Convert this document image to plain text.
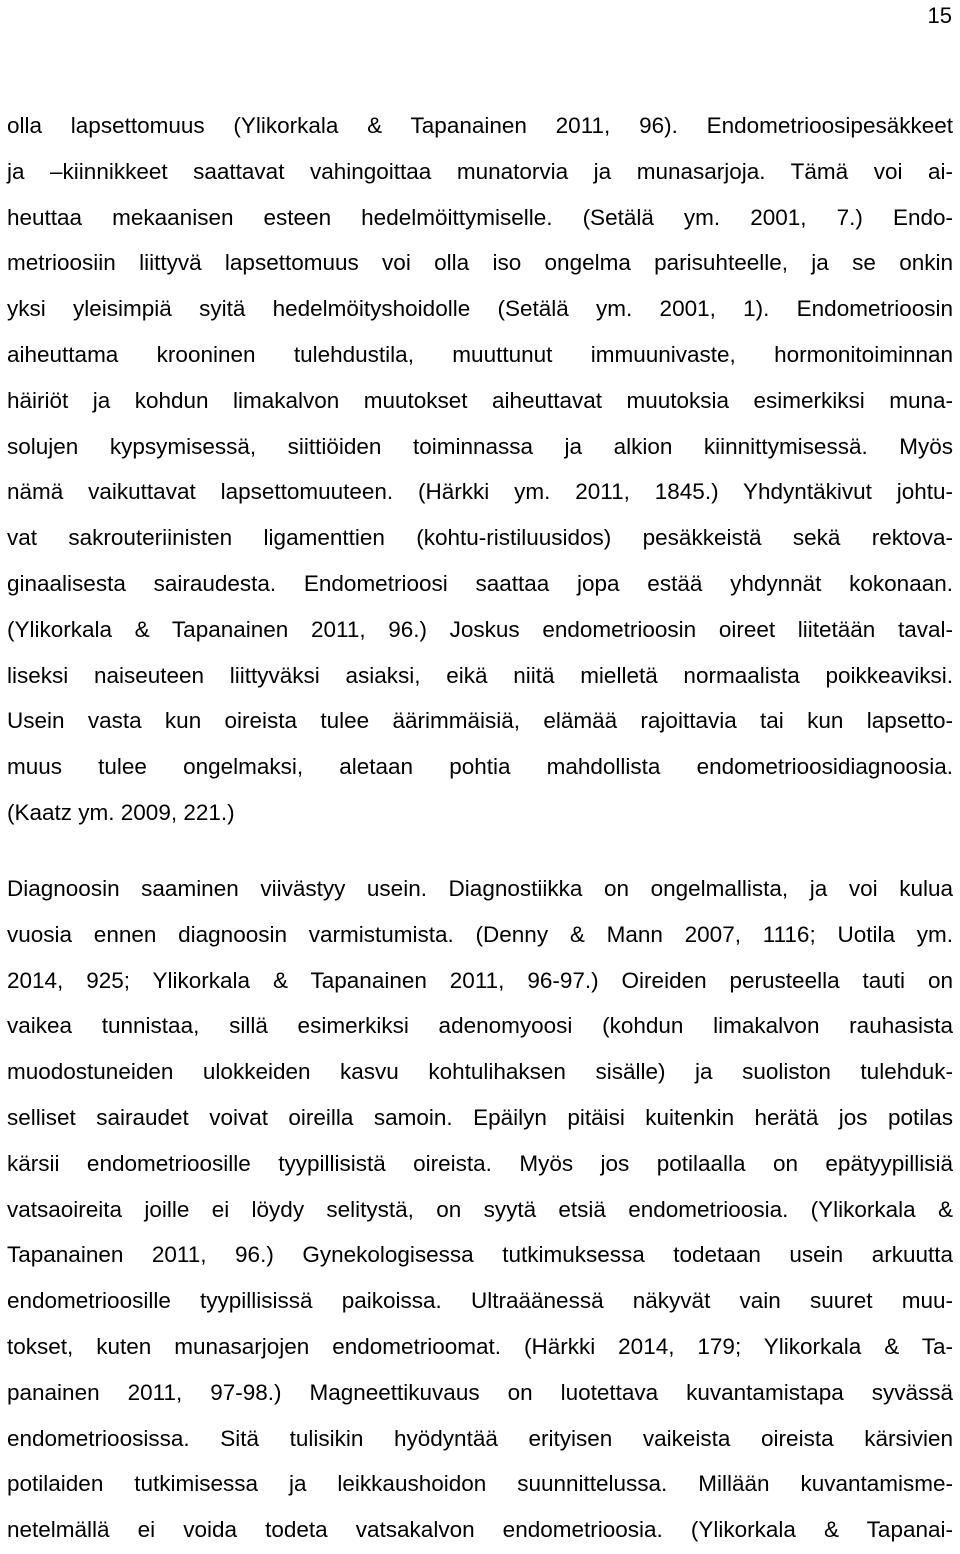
15
olla lapsettomuus (Ylikorkala & Tapanainen 2011, 96). Endometrioosipesäkkeet
ja –kiinnikkeet saattavat vahingoittaa munatorvia ja munasarjoja. Tämä voi ai-
heuttaa mekaanisen esteen hedelmöittymiselle. (Setälä ym. 2001, 7.) Endo-
metrioosiin liittyvä lapsettomuus voi olla iso ongelma parisuhteelle, ja se onkin
yksi yleisimpiä syitä hedelmöityshoidolle (Setälä ym. 2001, 1). Endometrioosin
aiheuttama krooninen tulehdustila, muuttunut immuunivaste, hormonitoiminnan
häiriöt ja kohdun limakalvon muutokset aiheuttavat muutoksia esimerkiksi muna-
solujen kypsymisessä, siittiöiden toiminnassa ja alkion kiinnittymisessä. Myös
nämä vaikuttavat lapsettomuuteen. (Härkki ym. 2011, 1845.) Yhdyntäkivut johtu-
vat sakrouteriinisten ligamenttien (kohtu-ristiluusidos) pesäkkeistä sekä rektova-
ginaalisesta sairaudesta. Endometrioosi saattaa jopa estää yhdynnät kokonaan.
(Ylikorkala & Tapanainen 2011, 96.) Joskus endometrioosin oireet liitetään taval-
liseksi naiseuteen liittyväksi asiaksi, eikä niitä mielletä normaalista poikkeaviksi.
Usein vasta kun oireista tulee äärimmäisiä, elämää rajoittavia tai kun lapsetto-
muus tulee ongelmaksi, aletaan pohtia mahdollista endometrioosidiagnoosia.
(Kaatz ym. 2009, 221.)
Diagnoosin saaminen viivästyy usein. Diagnostiikka on ongelmallista, ja voi kulua
vuosia ennen diagnoosin varmistumista. (Denny & Mann 2007, 1116; Uotila ym.
2014, 925; Ylikorkala & Tapanainen 2011, 96-97.) Oireiden perusteella tauti on
vaikea tunnistaa, sillä esimerkiksi adenomyoosi (kohdun limakalvon rauhasista
muodostuneiden ulokkeiden kasvu kohtulihaksen sisälle) ja suoliston tulehduk-
selliset sairaudet voivat oireilla samoin. Epäilyn pitäisi kuitenkin herätä jos potilas
kärsii endometrioosille tyypillisistä oireista. Myös jos potilaalla on epätyypillisiä
vatsaoireita joille ei löydy selitystä, on syytä etsiä endometrioosia. (Ylikorkala &
Tapanainen 2011, 96.) Gynekologisessa tutkimuksessa todetaan usein arkuutta
endometrioosille tyypillisissä paikoissa. Ultraäänessä näkyvät vain suuret muu-
tokset, kuten munasarjojen endometrioomat. (Härkki 2014, 179; Ylikorkala & Ta-
panainen 2011, 97-98.) Magneettikuvaus on luotettava kuvantamistapa syvässä
endometrioosissa. Sitä tulisikin hyödyntää erityisen vaikeista oireista kärsivien
potilaiden tutkimisessa ja leikkaushoidon suunnittelussa. Millään kuvantamisme-
netelmällä ei voida todeta vatsakalvon endometrioosia. (Ylikorkala & Tapanai-
